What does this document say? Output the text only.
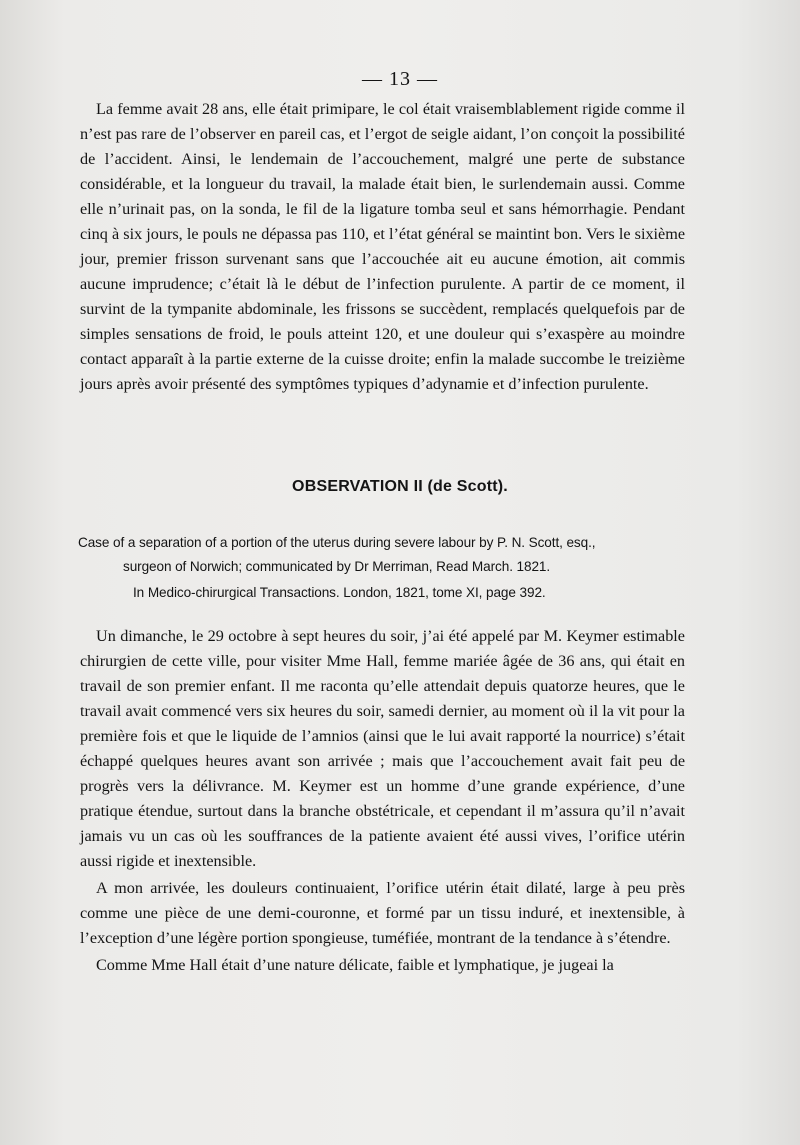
— 13 —

La femme avait 28 ans, elle était primipare, le col était vraisemblablement rigide comme il n’est pas rare de l’observer en pareil cas, et l’ergot de seigle aidant, l’on conçoit la possibilité de l’accident. Ainsi, le lendemain de l’accouchement, malgré une perte de substance considérable, et la longueur du travail, la malade était bien, le surlendemain aussi. Comme elle n’urinait pas, on la sonda, le fil de la ligature tomba seul et sans hémorrhagie. Pendant cinq à six jours, le pouls ne dépassa pas 110, et l’état général se maintint bon. Vers le sixième jour, premier frisson survenant sans que l’accouchée ait eu aucune émotion, ait commis aucune imprudence; c’était là le début de l’infection purulente. A partir de ce moment, il survint de la tympanite abdominale, les frissons se succèdent, remplacés quelquefois par de simples sensations de froid, le pouls atteint 120, et une douleur qui s’exaspère au moindre contact apparaît à la partie externe de la cuisse droite; enfin la malade succombe le treizième jours après avoir présenté des symptômes typiques d’adynamie et d’infection purulente.

OBSERVATION II (de Scott).
Case of a separation of a portion of the uterus during severe labour by P. N. Scott, esq.,
surgeon of Norwich; communicated by Dr Merriman, Read March. 1821.
In Medico-chirurgical Transactions. London, 1821, tome XI, page 392.

Un dimanche, le 29 octobre à sept heures du soir, j’ai été appelé par M. Keymer estimable chirurgien de cette ville, pour visiter Mme Hall, femme mariée âgée de 36 ans, qui était en travail de son premier enfant. Il me raconta qu’elle attendait depuis quatorze heures, que le travail avait commencé vers six heures du soir, samedi dernier, au moment où il la vit pour la première fois et que le liquide de l’amnios (ainsi que le lui avait rapporté la nourrice) s’était échappé quelques heures avant son arrivée ; mais que l’accouchement avait fait peu de progrès vers la délivrance. M. Keymer est un homme d’une grande expérience, d’une pratique étendue, surtout dans la branche obstétricale, et cependant il m’assura qu’il n’avait jamais vu un cas où les souffrances de la patiente avaient été aussi vives, l’orifice utérin aussi rigide et inextensible.

A mon arrivée, les douleurs continuaient, l’orifice utérin était dilaté, large à peu près comme une pièce de une demi-couronne, et formé par un tissu induré, et inextensible, à l’exception d’une légère portion spongieuse, tuméfiée, montrant de la tendance à s’étendre.

Comme Mme Hall était d’une nature délicate, faible et lymphatique, je jugeai la
